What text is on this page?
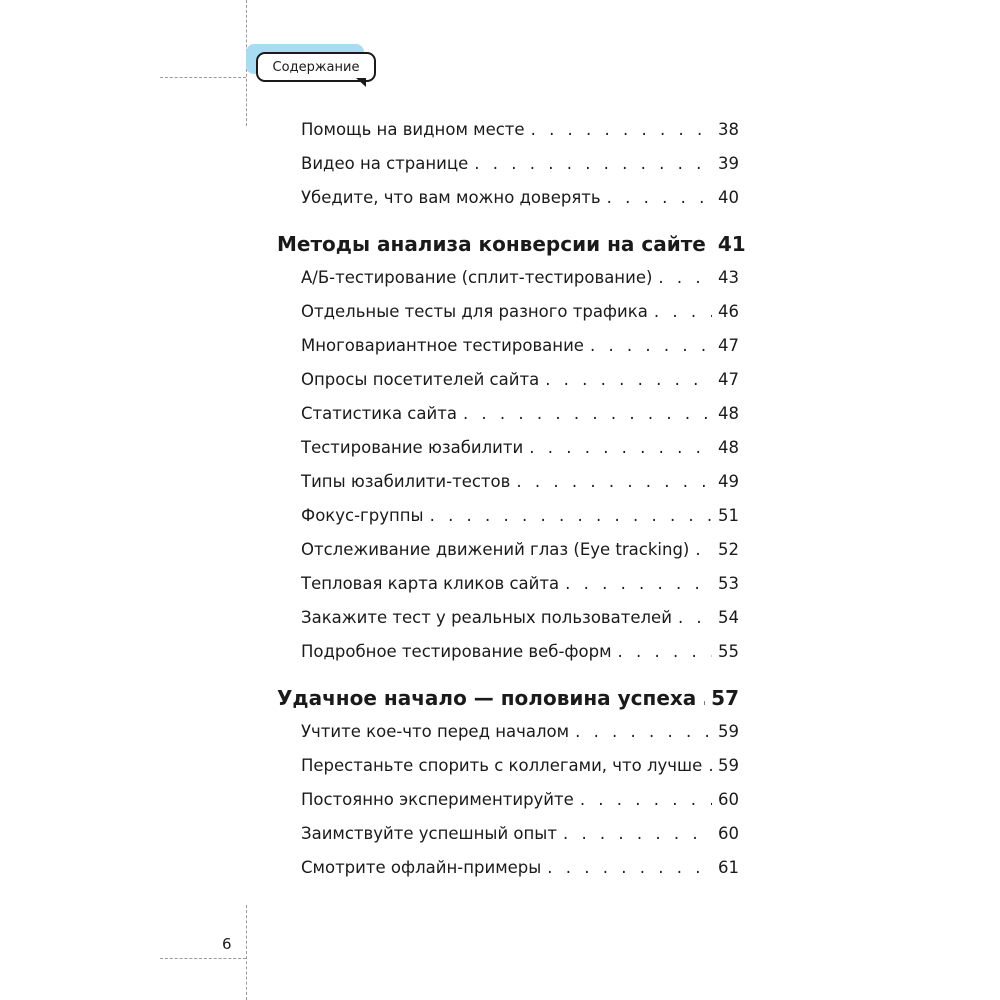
Содержание
Помощь на видном месте . . .	38
Видео на странице . . .	39
Убедите, что вам можно доверять . . .	40
Методы анализа конверсии на сайте 41
А/Б-тестирование (сплит-тестирование) . . .	43
Отдельные тесты для разного трафика . . .	46
Многовариантное тестирование . . .	47
Опросы посетителей сайта . . .	47
Статистика сайта . . .	48
Тестирование юзабилити . . .	48
Типы юзабилити-тестов . . .	49
Фокус-группы . . .	51
Отслеживание движений глаз (Eye tracking) . . . 52
Тепловая карта кликов сайта . . .	53
Закажите тест у реальных пользователей . . .	54
Подробное тестирование веб-форм . . .	55
Удачное начало — половина успеха . . . 57
Учтите кое-что перед началом . . .	59
Перестаньте спорить с коллегами, что лучше . . . 59
Постоянно экспериментируйте . . .	60
Заимствуйте успешный опыт . . .	60
Смотрите офлайн-примеры . . .	61
6
